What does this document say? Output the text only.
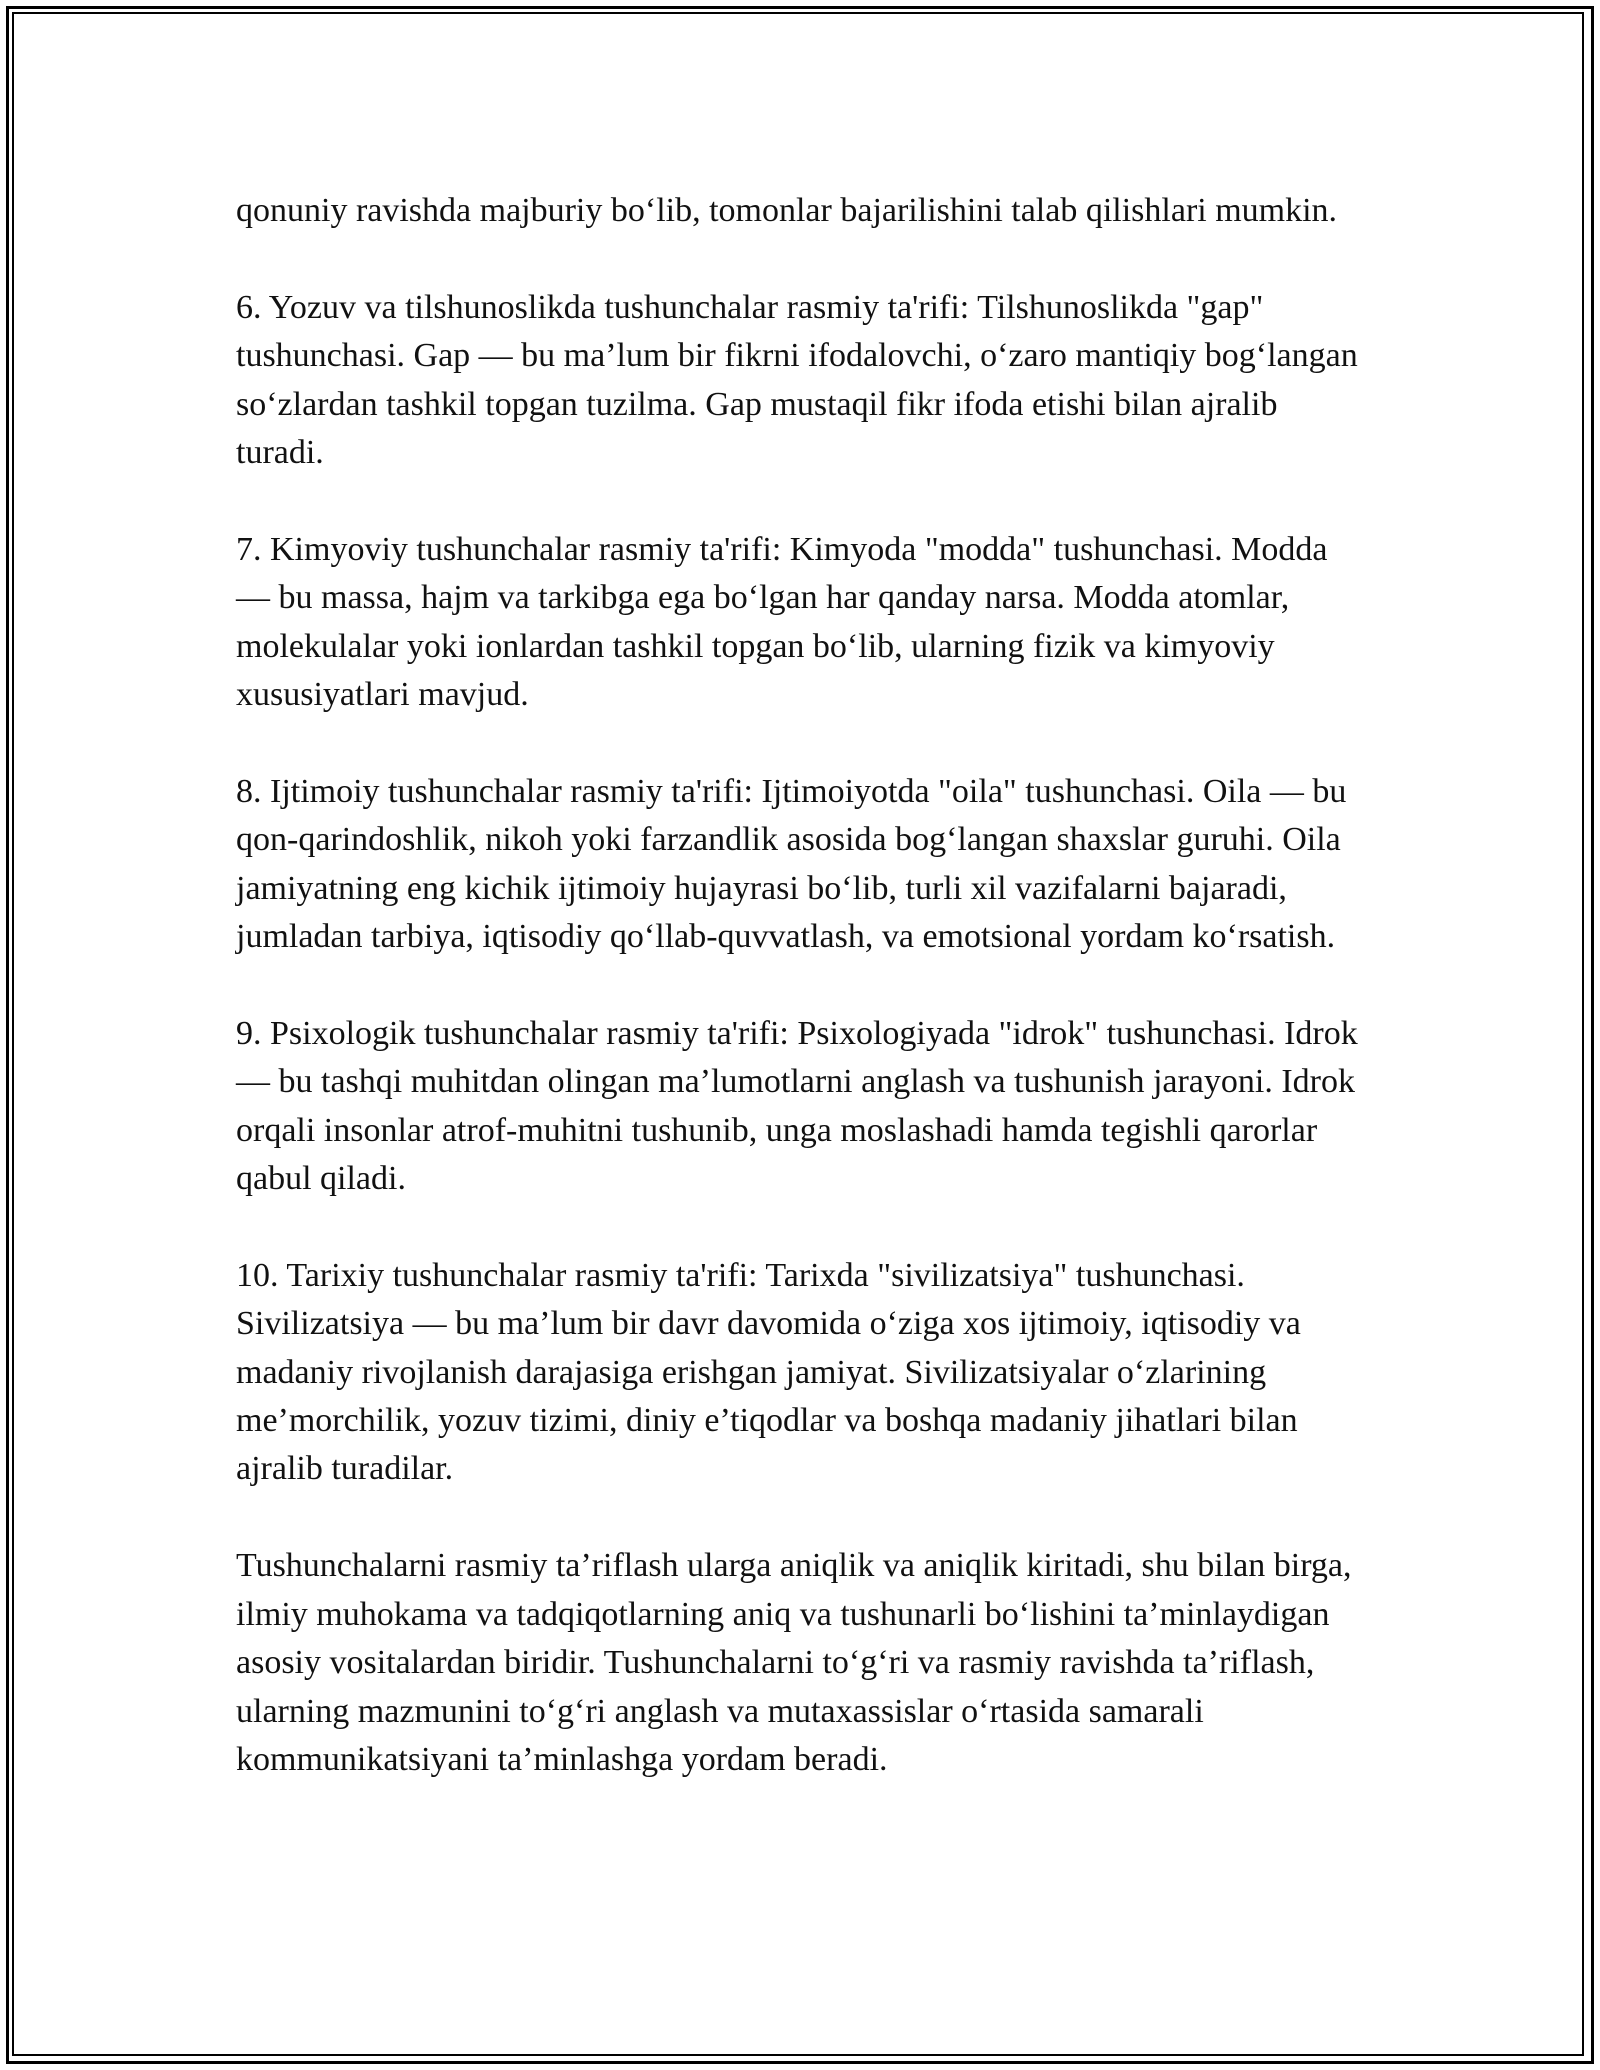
qonuniy ravishda majburiy bo‘lib, tomonlar bajarilishini talab qilishlari mumkin.

6. Yozuv va tilshunoslikda tushunchalar rasmiy ta'rifi: Tilshunoslikda "gap" tushunchasi. Gap — bu ma’lum bir fikrni ifodalovchi, o‘zaro mantiqiy bog‘langan so‘zlardan tashkil topgan tuzilma. Gap mustaqil fikr ifoda etishi bilan ajralib turadi.

7. Kimyoviy tushunchalar rasmiy ta'rifi: Kimyoda "modda" tushunchasi. Modda — bu massa, hajm va tarkibga ega bo‘lgan har qanday narsa. Modda atomlar, molekulalar yoki ionlardan tashkil topgan bo‘lib, ularning fizik va kimyoviy xususiyatlari mavjud.

8. Ijtimoiy tushunchalar rasmiy ta'rifi: Ijtimoiyotda "oila" tushunchasi. Oila — bu qon-qarindoshlik, nikoh yoki farzandlik asosida bog‘langan shaxslar guruhi. Oila jamiyatning eng kichik ijtimoiy hujayrasi bo‘lib, turli xil vazifalarni bajaradi, jumladan tarbiya, iqtisodiy qo‘llab-quvvatlash, va emotsional yordam ko‘rsatish.

9. Psixologik tushunchalar rasmiy ta'rifi: Psixologiyada "idrok" tushunchasi. Idrok — bu tashqi muhitdan olingan ma’lumotlarni anglash va tushunish jarayoni. Idrok orqali insonlar atrof-muhitni tushunib, unga moslashadi hamda tegishli qarorlar qabul qiladi.

10. Tarixiy tushunchalar rasmiy ta'rifi: Tarixda "sivilizatsiya" tushunchasi. Sivilizatsiya — bu ma’lum bir davr davomida o‘ziga xos ijtimoiy, iqtisodiy va madaniy rivojlanish darajasiga erishgan jamiyat. Sivilizatsiyalar o‘zlarining me’morchilik, yozuv tizimi, diniy e’tiqodlar va boshqa madaniy jihatlari bilan ajralib turadilar.

Tushunchalarni rasmiy ta’riflash ularga aniqlik va aniqlik kiritadi, shu bilan birga, ilmiy muhokama va tadqiqotlarning aniq va tushunarli bo‘lishini ta’minlaydigan asosiy vositalardan biridir. Tushunchalarni to‘g‘ri va rasmiy ravishda ta’riflash, ularning mazmunini to‘g‘ri anglash va mutaxassislar o‘rtasida samarali kommunikatsiyani ta’minlashga yordam beradi.
